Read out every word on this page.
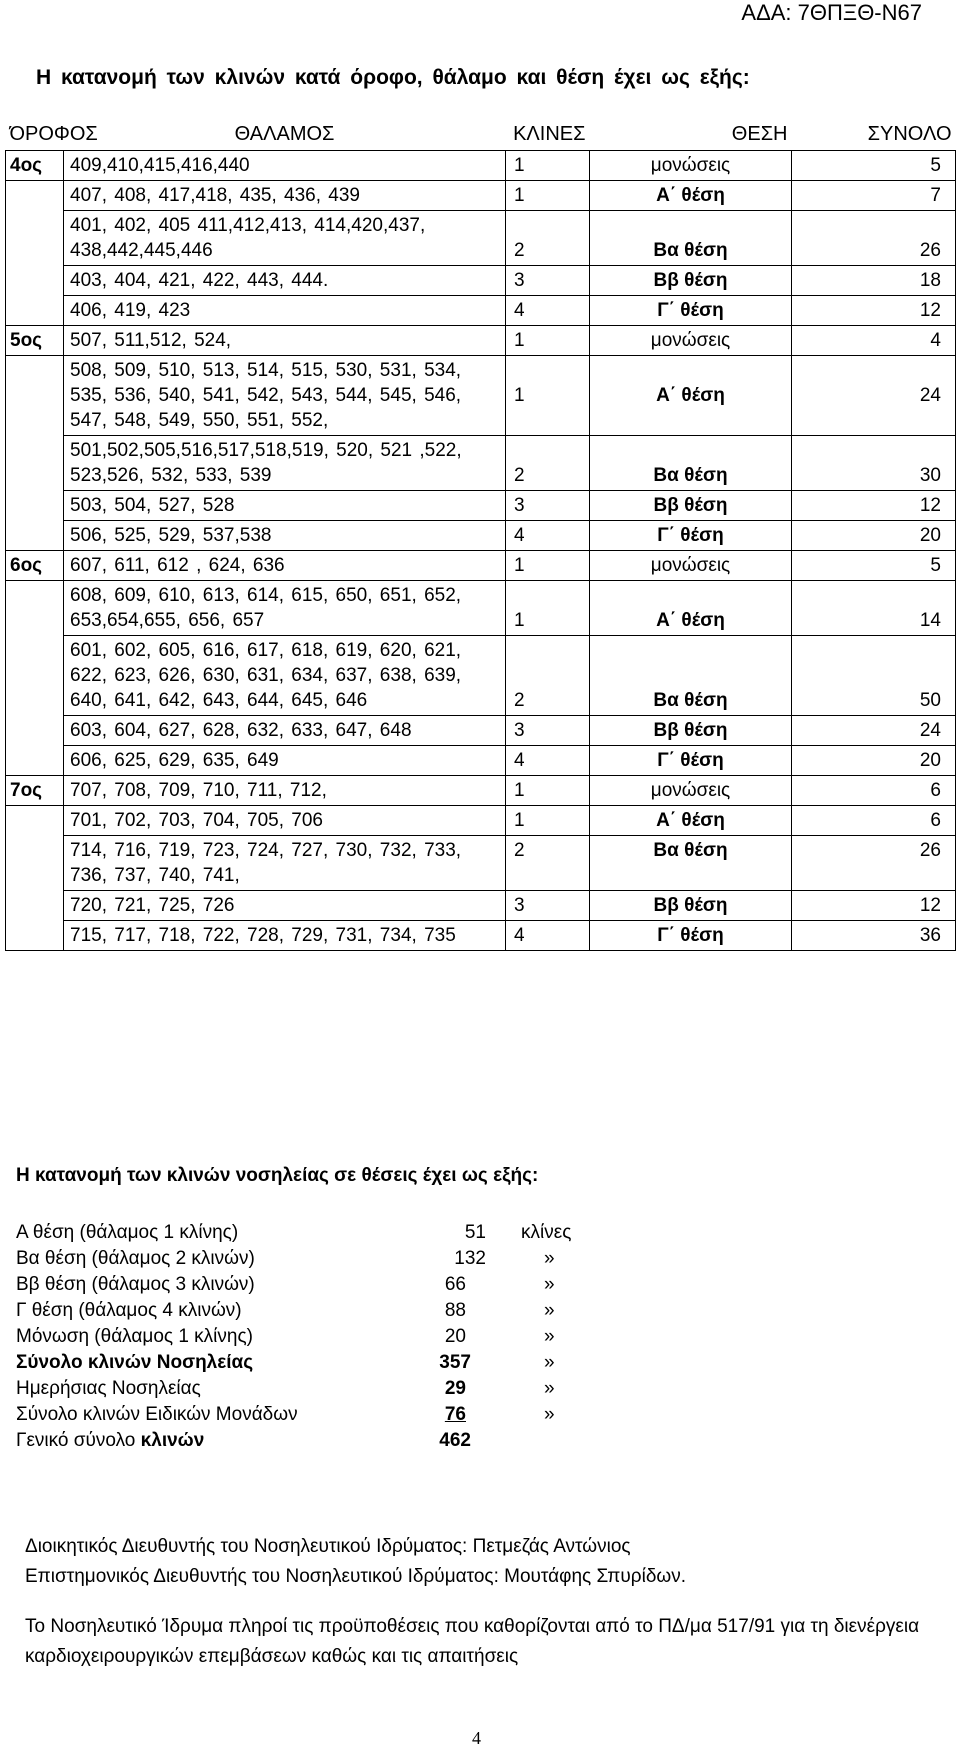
ΑΔΑ: 7ΘΠΞΘ-Ν67
Η κατανομή των κλινών κατά όροφο, θάλαμο και θέση έχει ως εξής:
ΌΡΟΦΟΣ	ΘΑΛΑΜΟΣ	ΚΛΙΝΕΣ	ΘΕΣΗ	ΣΥΝΟΛΟ
4ος	409,410,415,416,440	1	μονώσεις	5
	407, 408, 417,418, 435, 436, 439	1	Α΄ θέση	7
	401, 402, 405 411,412,413, 414,420,437, 438,442,445,446	2	Βα θέση	26
	403, 404, 421, 422, 443, 444.	3	Ββ θέση	18
	406, 419, 423	4	Γ΄ θέση	12
5ος	507, 511,512, 524,	1	μονώσεις	4
	508, 509, 510, 513, 514, 515, 530, 531, 534, 535, 536, 540, 541, 542, 543, 544, 545, 546, 547, 548, 549, 550, 551, 552,	1	Α΄ θέση	24
	501,502,505,516,517,518,519, 520, 521 ,522, 523,526, 532, 533, 539	2	Βα θέση	30
	503, 504, 527, 528	3	Ββ θέση	12
	506, 525, 529, 537,538	4	Γ΄ θέση	20
6ος	607, 611, 612 , 624, 636	1	μονώσεις	5
	608, 609, 610, 613, 614, 615, 650, 651, 652, 653,654,655, 656, 657	1	Α΄ θέση	14
	601, 602, 605, 616, 617, 618, 619, 620, 621, 622, 623, 626, 630, 631, 634, 637, 638, 639, 640, 641, 642, 643, 644, 645, 646	2	Βα θέση	50
	603, 604, 627, 628, 632, 633, 647, 648	3	Ββ θέση	24
	606, 625, 629, 635, 649	4	Γ΄ θέση	20
7ος	707, 708, 709, 710, 711, 712,	1	μονώσεις	6
	701, 702, 703, 704, 705, 706	1	Α΄ θέση	6
	714, 716, 719, 723, 724, 727, 730, 732, 733, 736, 737, 740, 741,	2	Βα θέση	26
	720, 721, 725, 726	3	Ββ θέση	12
	715, 717, 718, 722, 728, 729, 731, 734, 735	4	Γ΄ θέση	36
Η κατανομή των κλινών νοσηλείας σε θέσεις έχει ως εξής:
Α θέση (θάλαμος 1 κλίνης)	51 κλίνες
Βα θέση (θάλαμος 2 κλινών)	132	»
Ββ θέση (θάλαμος 3 κλινών)	66	»
Γ θέση (θάλαμος 4 κλινών)	88	»
Μόνωση (θάλαμος 1 κλίνης)	20	»
Σύνολο κλινών Νοσηλείας	357	»
Ημερήσιας Νοσηλείας	29	»
Σύνολο κλινών Ειδικών Μονάδων	76	»
Γενικό σύνολο κλινών	462
Διοικητικός Διευθυντής του Νοσηλευτικού Ιδρύματος: Πετμεζάς Αντώνιος
Επιστημονικός Διευθυντής του Νοσηλευτικού Ιδρύματος: Μουτάφης Σπυρίδων.
Το Νοσηλευτικό Ίδρυμα πληροί τις προϋποθέσεις που καθορίζονται από το ΠΔ/μα 517/91 για τη διενέργεια καρδιοχειρουργικών επεμβάσεων καθώς και τις απαιτήσεις
4
